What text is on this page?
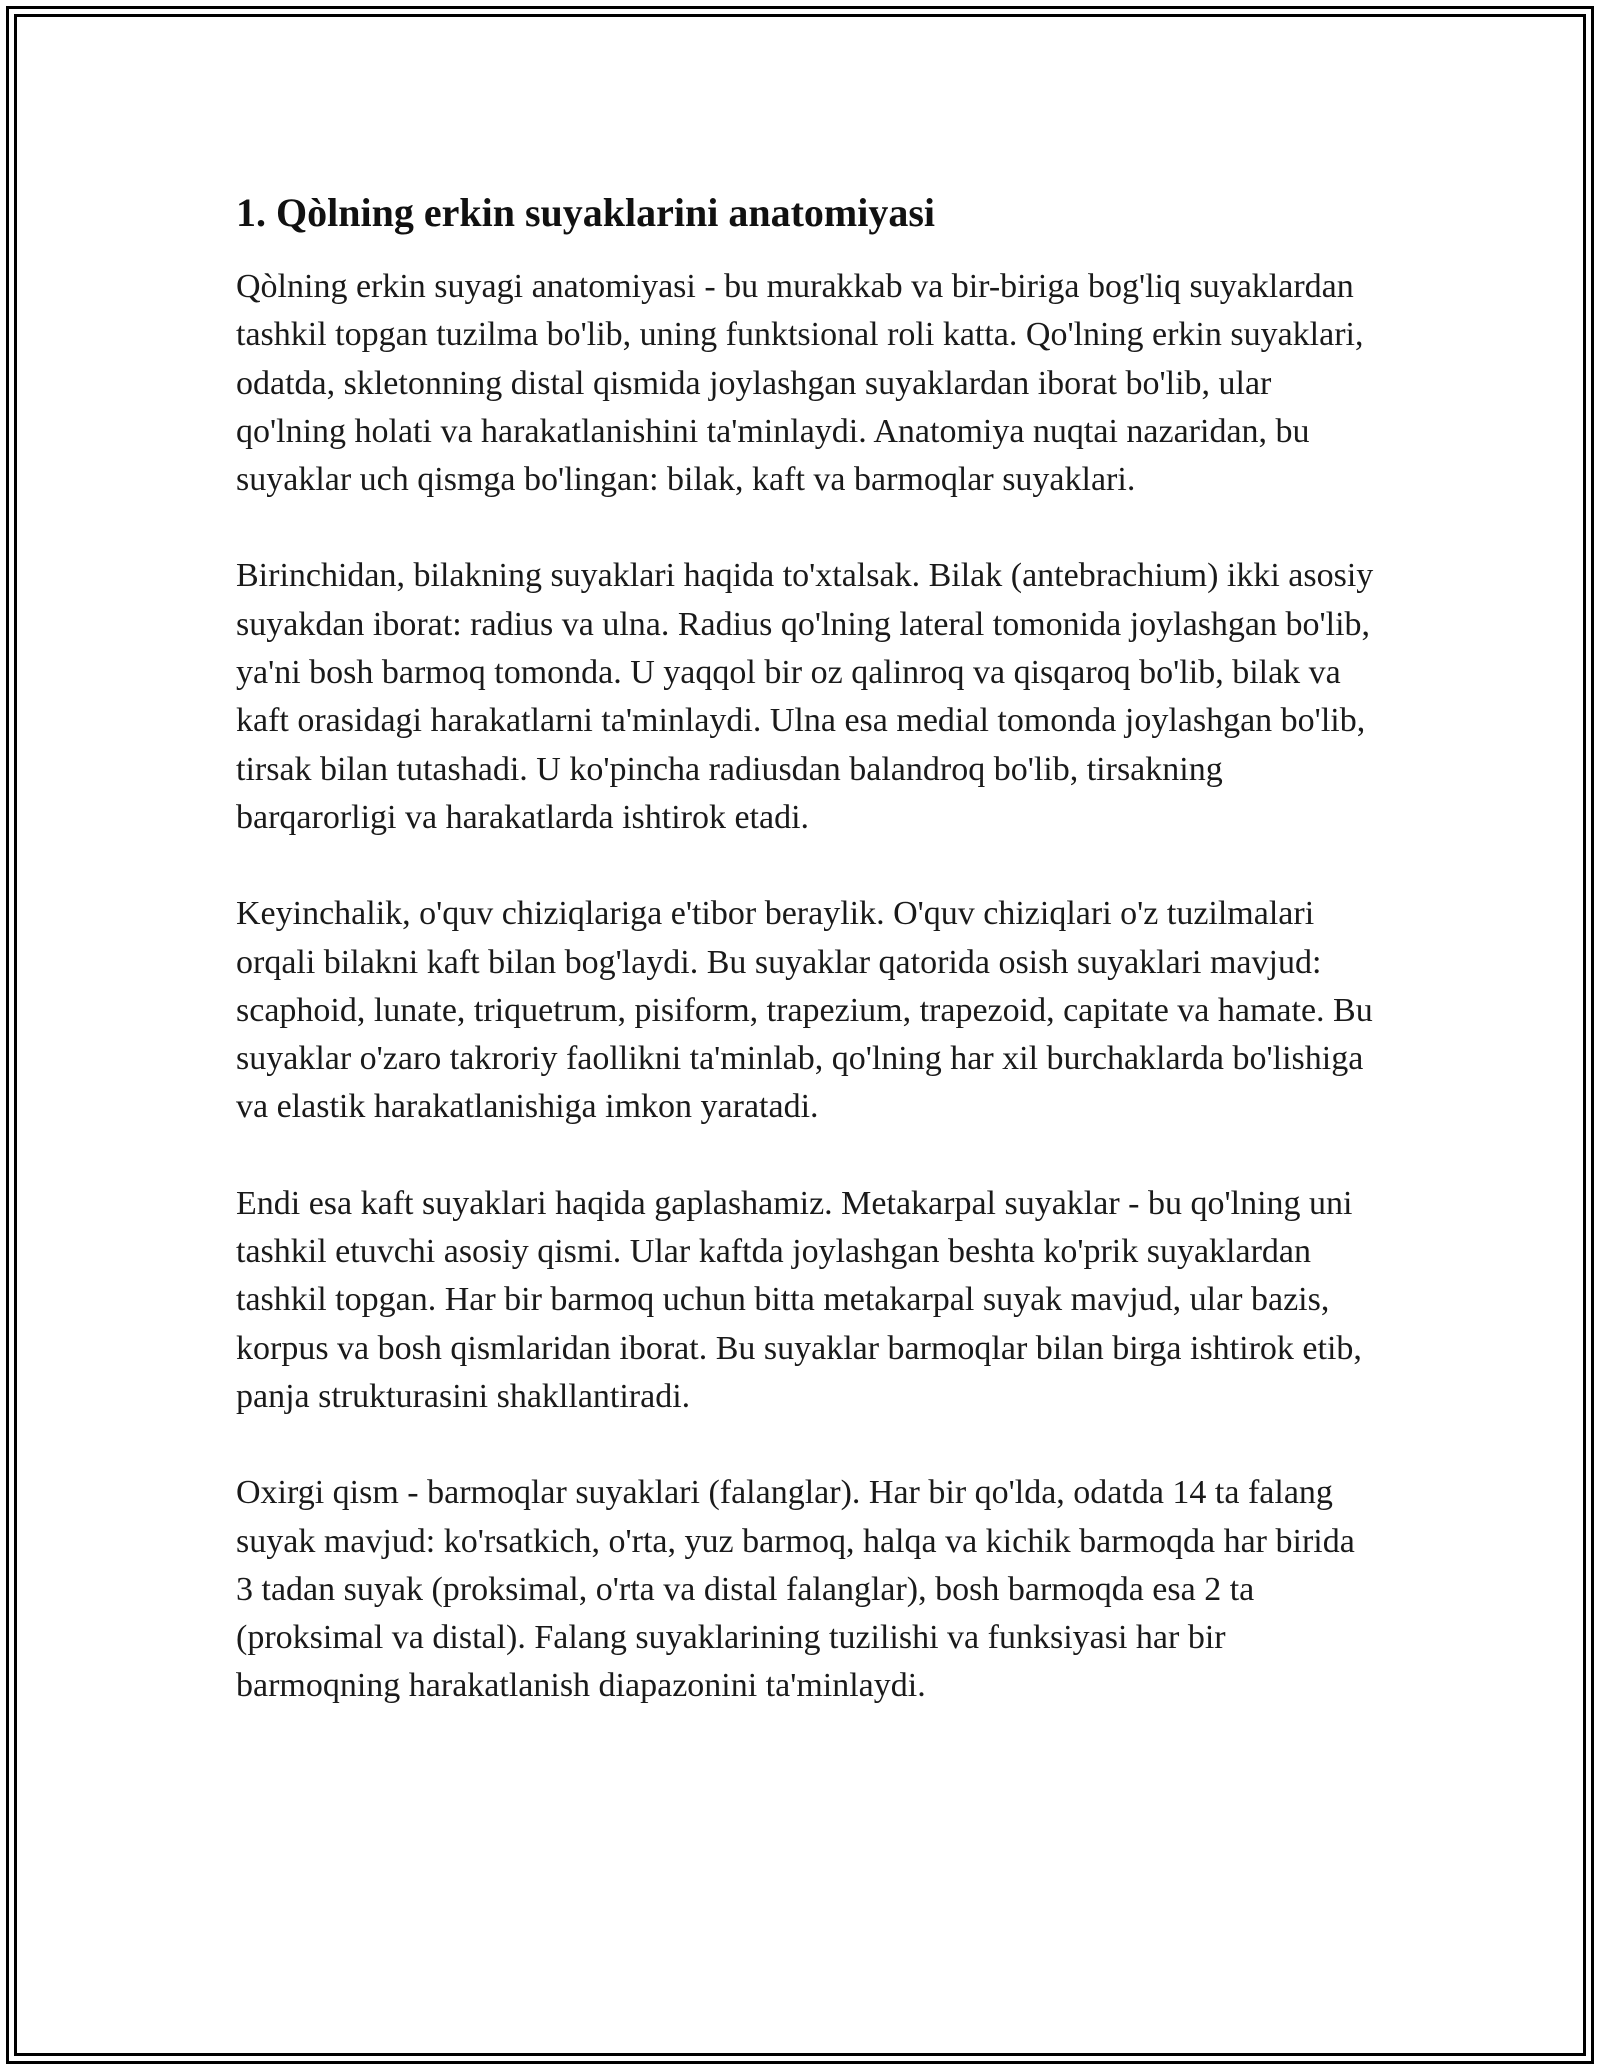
1. Qòlning erkin suyaklarini anatomiyasi

Qòlning erkin suyagi anatomiyasi - bu murakkab va bir-biriga bog'liq suyaklardan tashkil topgan tuzilma bo'lib, uning funktsional roli katta. Qo'lning erkin suyaklari, odatda, skletonning distal qismida joylashgan suyaklardan iborat bo'lib, ular qo'lning holati va harakatlanishini ta'minlaydi. Anatomiya nuqtai nazaridan, bu suyaklar uch qismga bo'lingan: bilak, kaft va barmoqlar suyaklari.

Birinchidan, bilakning suyaklari haqida to'xtalsak. Bilak (antebrachium) ikki asosiy suyakdan iborat: radius va ulna. Radius qo'lning lateral tomonida joylashgan bo'lib, ya'ni bosh barmoq tomonda. U yaqqol bir oz qalinroq va qisqaroq bo'lib, bilak va kaft orasidagi harakatlarni ta'minlaydi. Ulna esa medial tomonda joylashgan bo'lib, tirsak bilan tutashadi. U ko'pincha radiusdan balandroq bo'lib, tirsakning barqarorligi va harakatlarda ishtirok etadi.

Keyinchalik, o'quv chiziqlariga e'tibor beraylik. O'quv chiziqlari o'z tuzilmalari orqali bilakni kaft bilan bog'laydi. Bu suyaklar qatorida osish suyaklari mavjud: scaphoid, lunate, triquetrum, pisiform, trapezium, trapezoid, capitate va hamate. Bu suyaklar o'zaro takroriy faollikni ta'minlab, qo'lning har xil burchaklarda bo'lishiga va elastik harakatlanishiga imkon yaratadi.

Endi esa kaft suyaklari haqida gaplashamiz. Metakarpal suyaklar - bu qo'lning uni tashkil etuvchi asosiy qismi. Ular kaftda joylashgan beshta ko'prik suyaklardan tashkil topgan. Har bir barmoq uchun bitta metakarpal suyak mavjud, ular bazis, korpus va bosh qismlaridan iborat. Bu suyaklar barmoqlar bilan birga ishtirok etib, panja strukturasini shakllantiradi.

Oxirgi qism - barmoqlar suyaklari (falanglar). Har bir qo'lda, odatda 14 ta falang suyak mavjud: ko'rsatkich, o'rta, yuz barmoq, halqa va kichik barmoqda har birida 3 tadan suyak (proksimal, o'rta va distal falanglar), bosh barmoqda esa 2 ta (proksimal va distal). Falang suyaklarining tuzilishi va funksiyasi har bir barmoqning harakatlanish diapazonini ta'minlaydi.
